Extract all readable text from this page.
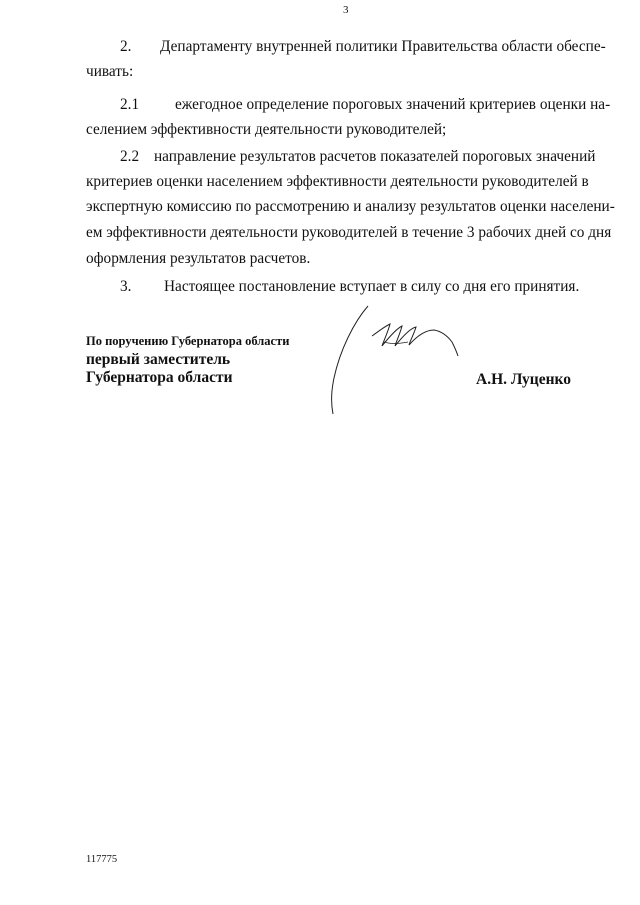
3
2. Департаменту внутренней политики Правительства области обеспе-
чивать:
2.1 ежегодное определение пороговых значений критериев оценки на-
селением эффективности деятельности руководителей;
2.2 направление результатов расчетов показателей пороговых значений
критериев оценки населением эффективности деятельности руководителей в
экспертную комиссию по рассмотрению и анализу результатов оценки населени-
ем эффективности деятельности руководителей в течение 3 рабочих дней со дня
оформления результатов расчетов.
3. Настоящее постановление вступает в силу со дня его принятия.
По поручению Губернатора области
первый заместитель
Губернатора области	А.Н. Луценко
117775
